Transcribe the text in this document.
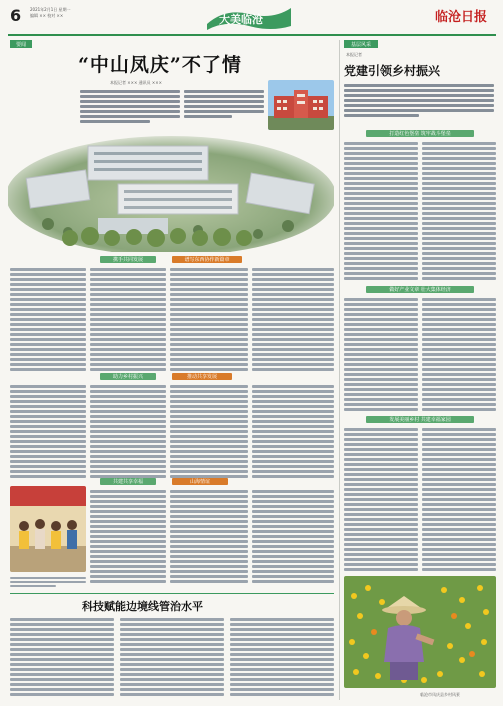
6 2021年2月1日 星期一
编辑 ×× 校对 ××	大美临沧	临沧日报
要闻
“中山凤庆”不了情
本报记者 ××× 通讯员 ×××
携手共同发展	谱写东西协作新篇章
助力乡村振兴	推动共享发展
共建共享幸福	山海情谊
科技赋能边境线管治水平
基层风采
本报记者
党建引领乡村振兴
打造红色堡垒 筑牢战斗堡垒
做好产业文章 壮大集体经济
发展美丽乡村 共建幸福家园
临沧市凤庆县乡村风景
